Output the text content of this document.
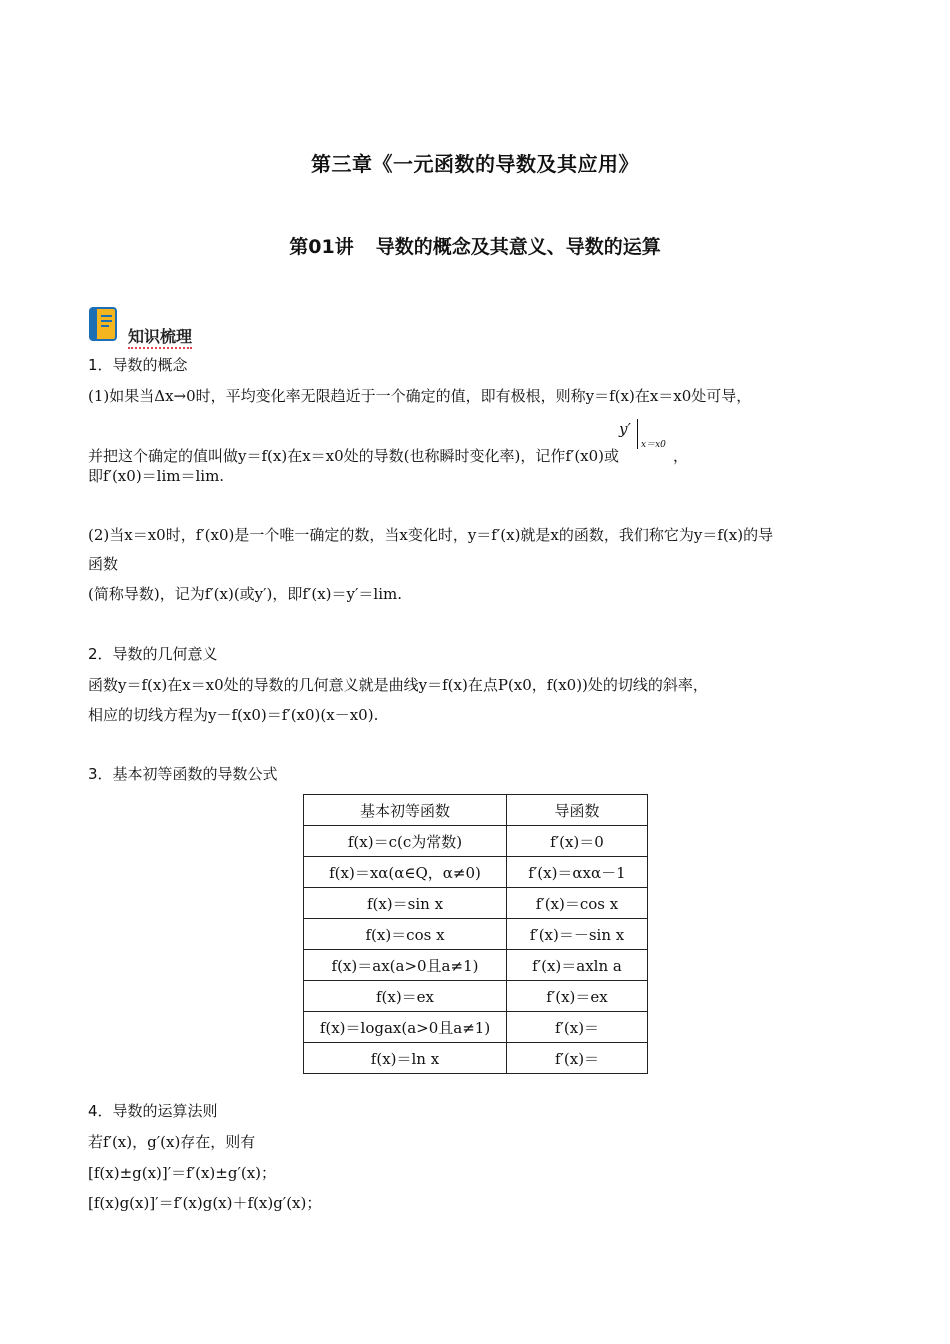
第三章《一元函数的导数及其应用》
第01讲 导数的概念及其意义、导数的运算
知识梳理
1．导数的概念
(1)如果当Δx→0时，平均变化率无限趋近于一个确定的值，即有极根，则称y＝f(x)在x＝x0处可导，
并把这个确定的值叫做y＝f(x)在x＝x0处的导数(也称瞬时变化率)，记作f′(x0)或
y′
x＝x0
，
即f′(x0)＝lim＝lim.
(2)当x＝x0时，f′(x0)是一个唯一确定的数，当x变化时，y＝f′(x)就是x的函数，我们称它为y＝f(x)的导
函数
(简称导数)，记为f′(x)(或y′)，即f′(x)＝y′＝lim.
2．导数的几何意义
函数y＝f(x)在x＝x0处的导数的几何意义就是曲线y＝f(x)在点P(x0，f(x0))处的切线的斜率，
相应的切线方程为y－f(x0)＝f′(x0)(x－x0).
3．基本初等函数的导数公式
基本初等函数	导函数
f(x)＝c(c为常数)	f′(x)＝0
f(x)＝xα(α∈Q，α≠0)	f′(x)＝αxα－1
f(x)＝sin x	f′(x)＝cos x
f(x)＝cos x	f′(x)＝－sin x
f(x)＝ax(a>0且a≠1)	f′(x)＝axln a
f(x)＝ex	f′(x)＝ex
f(x)＝logax(a>0且a≠1)	f′(x)＝
f(x)＝ln x	f′(x)＝
4．导数的运算法则
若f′(x)，g′(x)存在，则有
[f(x)±g(x)]′＝f′(x)±g′(x)；
[f(x)g(x)]′＝f′(x)g(x)＋f(x)g′(x)；
